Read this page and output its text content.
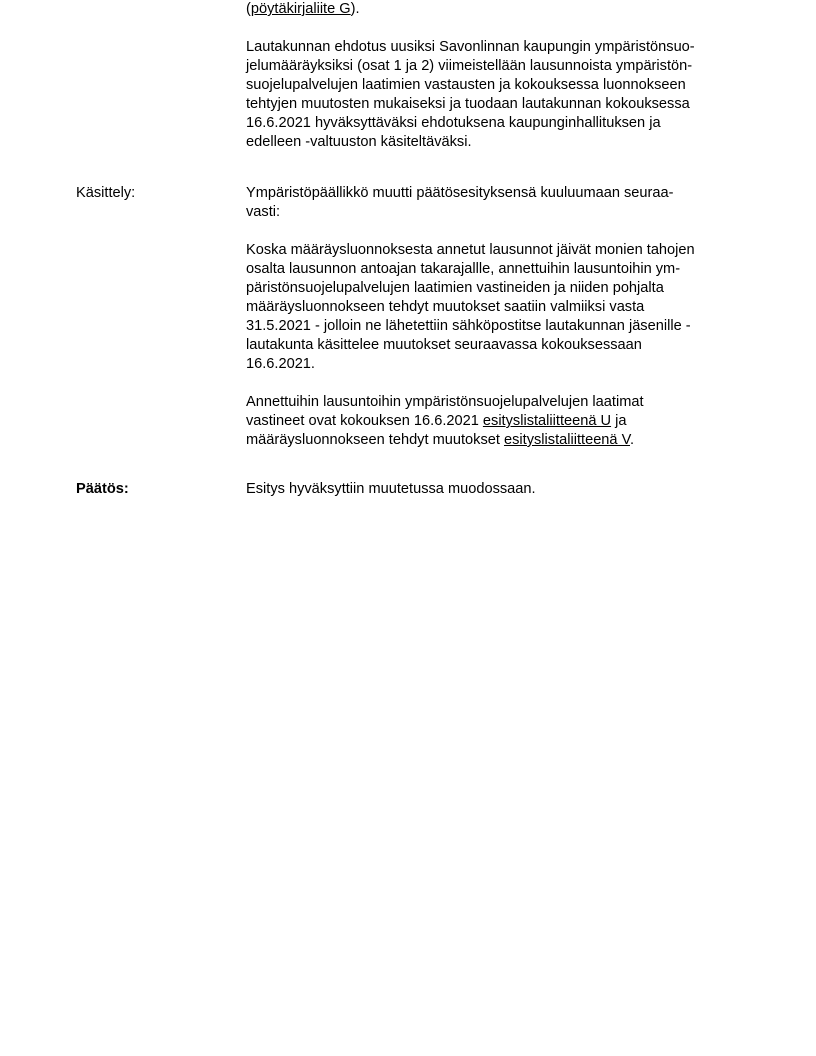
(pöytäkirjaliite G).

Lautakunnan ehdotus uusiksi Savonlinnan kaupungin ympäristönsuo-
jelumääräyksiksi (osat 1 ja 2) viimeistellään lausunnoista ympäristön-
suojelupalvelujen laatimien vastausten ja kokouksessa luonnokseen
tehtyjen muutosten mukaiseksi ja tuodaan lautakunnan kokouksessa
16.6.2021 hyväksyttäväksi ehdotuksena kaupunginhallituksen ja
edelleen -valtuuston käsiteltäväksi.

Käsittely:	Ympäristöpäällikkö muutti päätösesityksensä kuuluumaan seuraa-
vasti:

Koska määräysluonnoksesta annetut lausunnot jäivät monien tahojen
osalta lausunnon antoajan takarajallle, annettuihin lausuntoihin ym-
päristönsuojelupalvelujen laatimien vastineiden ja niiden pohjalta
määräysluonnokseen tehdyt muutokset saatiin valmiiksi vasta
31.5.2021 - jolloin ne lähetettiin sähköpostitse lautakunnan jäsenille -
lautakunta käsittelee muutokset seuraavassa kokouksessaan
16.6.2021.

Annettuihin lausuntoihin ympäristönsuojelupalvelujen laatimat
vastineet ovat kokouksen 16.6.2021 esityslistaliitteenä U ja
määräysluonnokseen tehdyt muutokset esityslistaliitteenä V.

Päätös:	Esitys hyväksyttiin muutetussa muodossaan.
